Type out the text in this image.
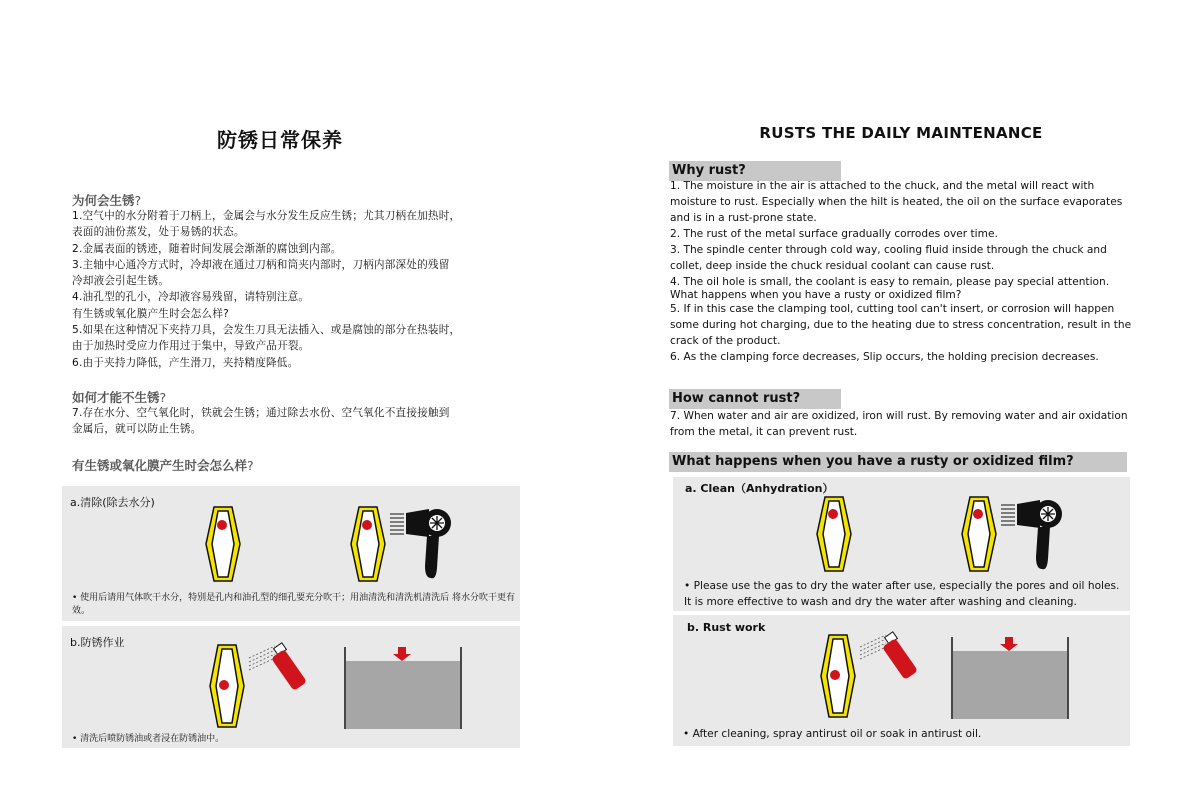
防锈日常保养
为何会生锈?
1.空气中的水分附着于刀柄上，金属会与水分发生反应生锈；尤其刀柄在加热时，
表面的油份蒸发，处于易锈的状态。
2.金属表面的锈迹，随着时间发展会渐渐的腐蚀到内部。
3.主轴中心通冷方式时，冷却液在通过刀柄和筒夹内部时，刀柄内部深处的残留
冷却液会引起生锈。
4.油孔型的孔小，冷却液容易残留，请特别注意。
有生锈或氧化膜产生时会怎么样?
5.如果在这种情况下夹持刀具，会发生刀具无法插入、或是腐蚀的部分在热装时，
由于加热时受应力作用过于集中，导致产品开裂。
6.由于夹持力降低，产生滑刀，夹持精度降低。
如何才能不生锈?
7.存在水分、空气氧化时，铁就会生锈；通过除去水份、空气氧化不直接接触到
金属后，就可以防止生锈。
有生锈或氧化膜产生时会怎么样?
a.清除(除去水分)
• 使用后请用气体吹干水分，特别是孔内和油孔型的细孔要充分吹干；用油清洗和清洗机清洗后 将水分吹干更有效。
b.防锈作业
• 清洗后喷防锈油或者浸在防锈油中。
RUSTS THE DAILY MAINTENANCE
Why rust?

1. The moisture in the air is attached to the chuck, and the metal will react with moisture to rust. Especially when the hilt is heated, the oil on the surface evaporates and is in a rust-prone state.

2. The rust of the metal surface gradually corrodes over time.

3. The spindle center through cold way, cooling fluid inside through the chuck and collet, deep inside the chuck residual coolant can cause rust.

4. The oil hole is small, the coolant is easy to remain, please pay special attention.

What happens when you have a rusty or oxidized film?

5. If in this case the clamping tool, cutting tool can't insert, or corrosion will happen some during hot charging, due to the heating due to stress concentration, result in the crack of the product.

6. As the clamping force decreases, Slip occurs, the holding precision decreases.

How cannot rust?
7. When water and air are oxidized, iron will rust. By removing water and air oxidation from the metal, it can prevent rust.
What happens when you have a rusty or oxidized film?
a. Clean（Anhydration）
• Please use the gas to dry the water after use, especially the pores and oil holes. It is more effective to wash and dry the water after washing and cleaning.
b. Rust work
• After cleaning, spray antirust oil or soak in antirust oil.
